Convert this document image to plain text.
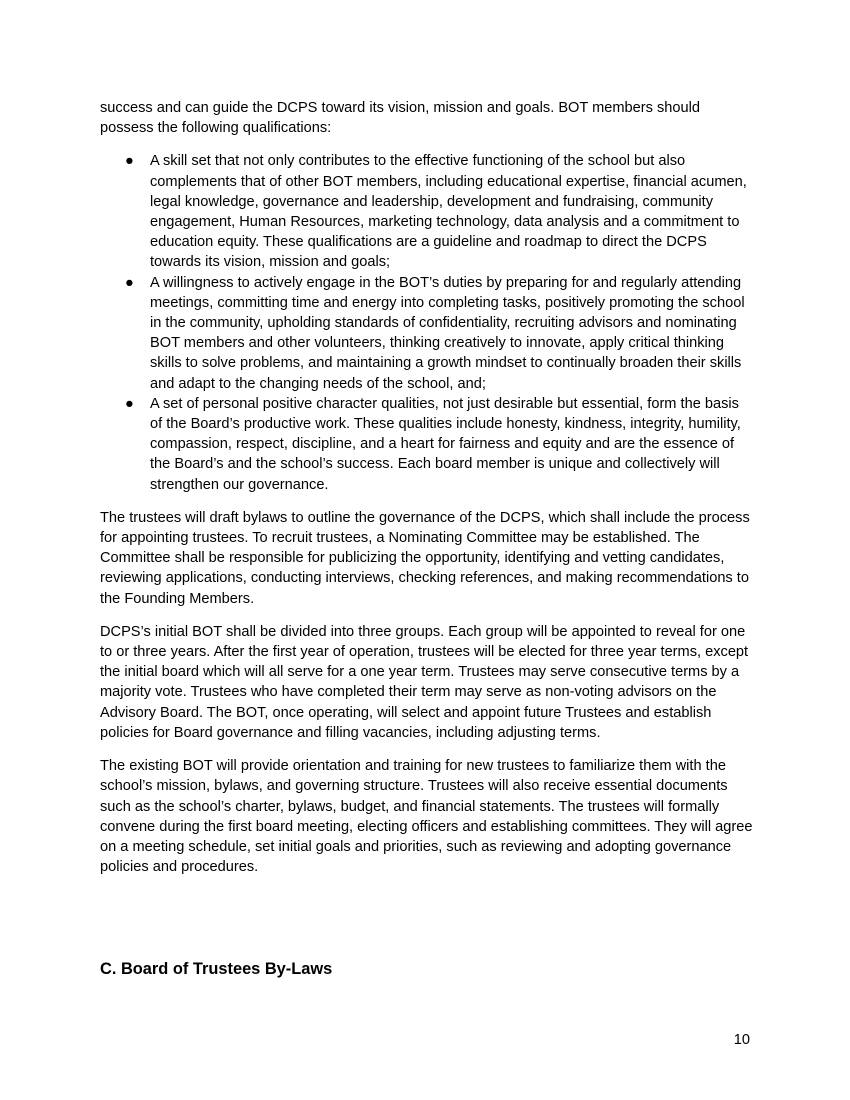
success and can guide the DCPS toward its vision, mission and goals. BOT members should possess the following qualifications:

● A skill set that not only contributes to the effective functioning of the school but also complements that of other BOT members, including educational expertise, financial acumen, legal knowledge, governance and leadership, development and fundraising, community engagement, Human Resources, marketing technology, data analysis and a commitment to education equity. These qualifications are a guideline and roadmap to direct the DCPS towards its vision, mission and goals;
● A willingness to actively engage in the BOT’s duties by preparing for and regularly attending meetings, committing time and energy into completing tasks, positively promoting the school in the community, upholding standards of confidentiality, recruiting advisors and nominating BOT members and other volunteers, thinking creatively to innovate, apply critical thinking skills to solve problems, and maintaining a growth mindset to continually broaden their skills and adapt to the changing needs of the school, and;
● A set of personal positive character qualities, not just desirable but essential, form the basis of the Board’s productive work. These qualities include honesty, kindness, integrity, humility, compassion, respect, discipline, and a heart for fairness and equity and are the essence of the Board’s and the school’s success. Each board member is unique and collectively will strengthen our governance.

The trustees will draft bylaws to outline the governance of the DCPS, which shall include the process for appointing trustees. To recruit trustees, a Nominating Committee may be established. The Committee shall be responsible for publicizing the opportunity, identifying and vetting candidates, reviewing applications, conducting interviews, checking references, and making recommendations to the Founding Members.

DCPS’s initial BOT shall be divided into three groups. Each group will be appointed to reveal for one to or three years. After the first year of operation, trustees will be elected for three year terms, except the initial board which will all serve for a one year term. Trustees may serve consecutive terms by a majority vote. Trustees who have completed their term may serve as non-voting advisors on the Advisory Board. The BOT, once operating, will select and appoint future Trustees and establish policies for Board governance and filling vacancies, including adjusting terms.

The existing BOT will provide orientation and training for new trustees to familiarize them with the school’s mission, bylaws, and governing structure. Trustees will also receive essential documents such as the school’s charter, bylaws, budget, and financial statements. The trustees will formally convene during the first board meeting, electing officers and establishing committees. They will agree on a meeting schedule, set initial goals and priorities, such as reviewing and adopting governance policies and procedures.

C. Board of Trustees By-Laws
10
